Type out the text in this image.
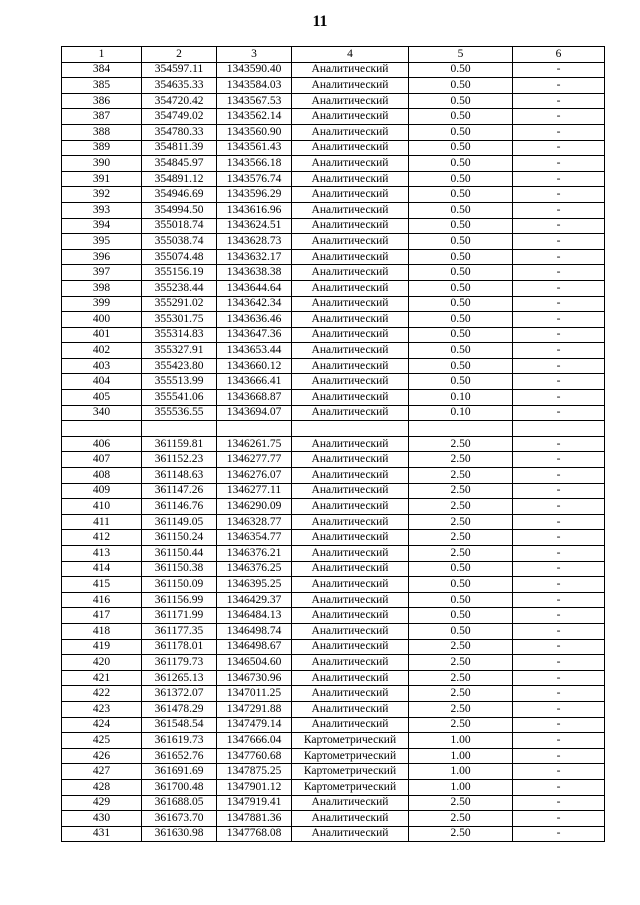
11
1	2	3	4	5	6
384	354597.11	1343590.40	Аналитический	0.50	-
385	354635.33	1343584.03	Аналитический	0.50	-
386	354720.42	1343567.53	Аналитический	0.50	-
387	354749.02	1343562.14	Аналитический	0.50	-
388	354780.33	1343560.90	Аналитический	0.50	-
389	354811.39	1343561.43	Аналитический	0.50	-
390	354845.97	1343566.18	Аналитический	0.50	-
391	354891.12	1343576.74	Аналитический	0.50	-
392	354946.69	1343596.29	Аналитический	0.50	-
393	354994.50	1343616.96	Аналитический	0.50	-
394	355018.74	1343624.51	Аналитический	0.50	-
395	355038.74	1343628.73	Аналитический	0.50	-
396	355074.48	1343632.17	Аналитический	0.50	-
397	355156.19	1343638.38	Аналитический	0.50	-
398	355238.44	1343644.64	Аналитический	0.50	-
399	355291.02	1343642.34	Аналитический	0.50	-
400	355301.75	1343636.46	Аналитический	0.50	-
401	355314.83	1343647.36	Аналитический	0.50	-
402	355327.91	1343653.44	Аналитический	0.50	-
403	355423.80	1343660.12	Аналитический	0.50	-
404	355513.99	1343666.41	Аналитический	0.50	-
405	355541.06	1343668.87	Аналитический	0.10	-
340	355536.55	1343694.07	Аналитический	0.10	-

406	361159.81	1346261.75	Аналитический	2.50	-
407	361152.23	1346277.77	Аналитический	2.50	-
408	361148.63	1346276.07	Аналитический	2.50	-
409	361147.26	1346277.11	Аналитический	2.50	-
410	361146.76	1346290.09	Аналитический	2.50	-
411	361149.05	1346328.77	Аналитический	2.50	-
412	361150.24	1346354.77	Аналитический	2.50	-
413	361150.44	1346376.21	Аналитический	2.50	-
414	361150.38	1346376.25	Аналитический	0.50	-
415	361150.09	1346395.25	Аналитический	0.50	-
416	361156.99	1346429.37	Аналитический	0.50	-
417	361171.99	1346484.13	Аналитический	0.50	-
418	361177.35	1346498.74	Аналитический	0.50	-
419	361178.01	1346498.67	Аналитический	2.50	-
420	361179.73	1346504.60	Аналитический	2.50	-
421	361265.13	1346730.96	Аналитический	2.50	-
422	361372.07	1347011.25	Аналитический	2.50	-
423	361478.29	1347291.88	Аналитический	2.50	-
424	361548.54	1347479.14	Аналитический	2.50	-
425	361619.73	1347666.04	Картометрический	1.00	-
426	361652.76	1347760.68	Картометрический	1.00	-
427	361691.69	1347875.25	Картометрический	1.00	-
428	361700.48	1347901.12	Картометрический	1.00	-
429	361688.05	1347919.41	Аналитический	2.50	-
430	361673.70	1347881.36	Аналитический	2.50	-
431	361630.98	1347768.08	Аналитический	2.50	-
